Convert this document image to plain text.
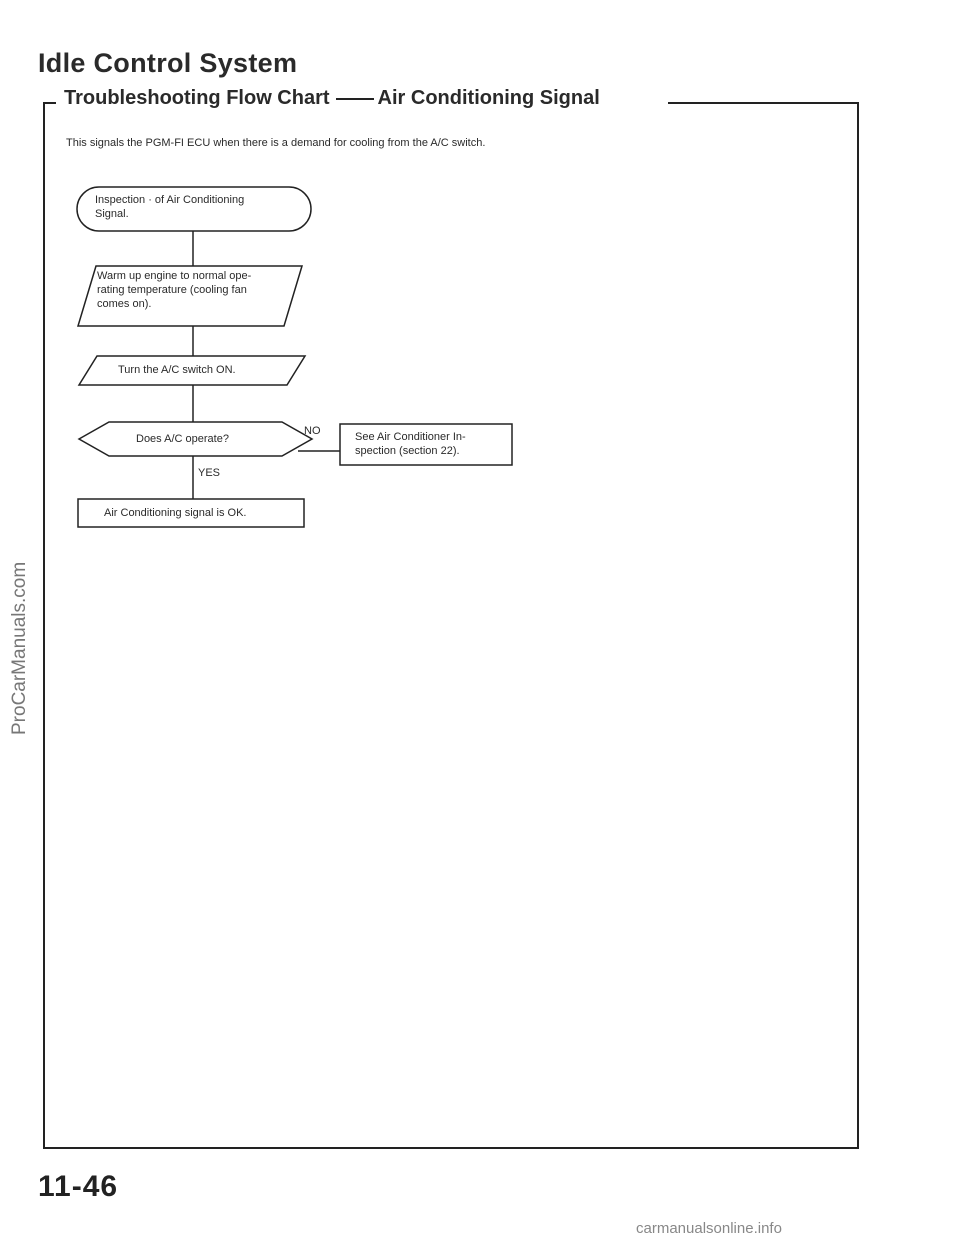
Idle Control System
Troubleshooting Flow Chart Air Conditioning Signal
This signals the PGM-FI ECU when there is a demand for cooling from the A/C switch.
Inspection · of Air Conditioning
Signal.
Warm up engine to normal ope-
rating temperature (cooling fan
comes on).
Turn the A/C switch ON.
Does A/C operate?
NO
YES
See Air Conditioner In-
spection (section 22).
Air Conditioning signal is OK.
11-46
ProCarManuals.com
carmanualsonline.info
